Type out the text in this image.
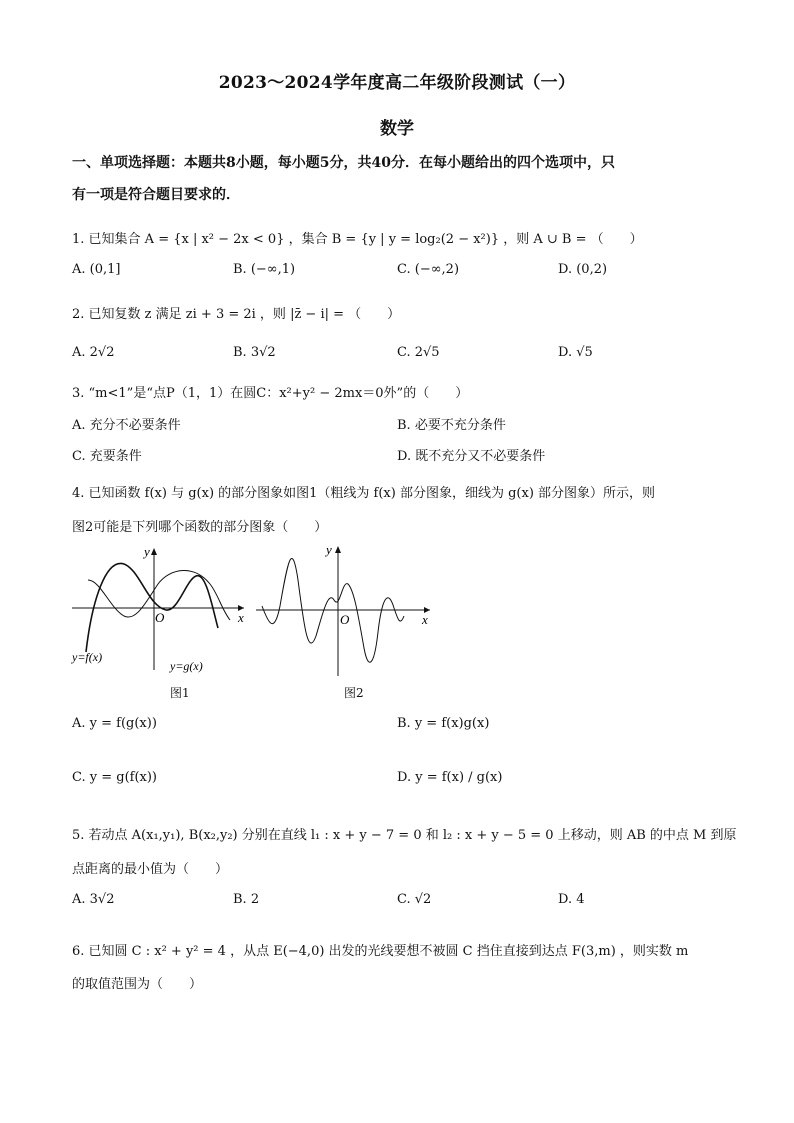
2023～2024学年度高二年级阶段测试（一）
数学
一、单项选择题：本题共8小题，每小题5分，共40分．在每小题给出的四个选项中，只
有一项是符合题目要求的．
1. 已知集合 A = {x | x² − 2x < 0} ，集合 B = {y | y = log₂(2 − x²)} ，则 A ∪ B = （　　）
A. (0,1]	B. (−∞,1)	C. (−∞,2)	D. (0,2)
2. 已知复数 z 满足 zi + 3 = 2i ，则 |z̄ − i| = （　　）
A. 2√2	B. 3√2	C. 2√5	D. √5
3. “m<1”是“点P（1，1）在圆C：x²+y² − 2mx＝0外”的（　　）
A. 充分不必要条件	B. 必要不充分条件
C. 充要条件	D. 既不充分又不必要条件
4. 已知函数 f(x) 与 g(x) 的部分图象如图1（粗线为 f(x) 部分图象，细线为 g(x) 部分图象）所示，则
图2可能是下列哪个函数的部分图象（　　）
y
x
O
y=f(x)
y=g(x)
图1
y
x
O
图2
A. y = f(g(x))	B. y = f(x)g(x)
C. y = g(f(x))	D. y = f(x) / g(x)
5. 若动点 A(x₁,y₁), B(x₂,y₂) 分别在直线 l₁ : x + y − 7 = 0 和 l₂ : x + y − 5 = 0 上移动，则 AB 的中点 M 到原
点距离的最小值为（　　）
A. 3√2	B. 2	C. √2	D. 4
6. 已知圆 C : x² + y² = 4 ，从点 E(−4,0) 出发的光线要想不被圆 C 挡住直接到达点 F(3,m) ，则实数 m
的取值范围为（　　）
